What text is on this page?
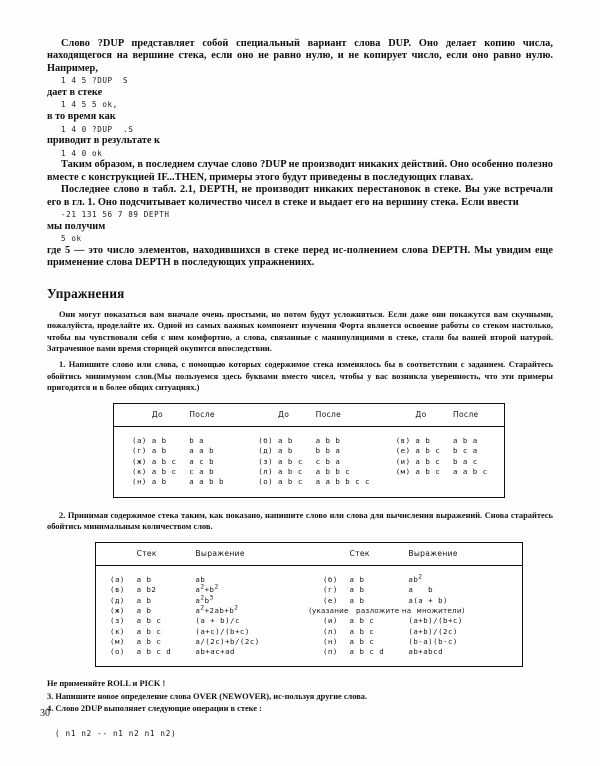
Слово ?DUP представляет собой специальный вариант слова DUP. Оно делает копию числа, находящегося на вершине стека, если оно не равно нулю, и не копирует число, если оно равно нулю. Например,

1 4 5 ?DUP  S

дает в стеке

1 4 5 5 ok,

в то время как

1 4 0 ?DUP  .S

приводит в результате к

1 4 0 ok

Таким образом, в последнем случае слово ?DUP не производит никаких действий. Оно особенно полезно вместе с конструкцией IF...THEN, примеры этого будут приведены в последующих главах.

Последнее слово в табл. 2.1, DEPTH, не производит никаких перестановок в стеке. Вы уже встречали его в гл. 1. Оно подсчитывает количество чисел в стеке и выдает его на вершину стека. Если ввести

-21 131 56 7 89 DEPTH

мы получим

5 ok

где 5 — это число элементов, находившихся в стеке перед ис-полнением слова DEPTH. Мы увидим еще применение слова DEPTH в последующих упражнениях.

Упражнения

Они могут показаться вам вначале очень простыми, но потом будут усложняться. Если даже они покажутся вам скучными, пожалуйста, проделайте их. Одной из самых важных компонент изучения Форта является освоение работы со стеком настолько, чтобы вы чувствовали себя с ним комфортно, а слова, связанные с манипуляциями в стеке, стали бы вашей второй натурой. Затраченное вами время сторицей окупится впоследствии.

1. Напишите слово или слова, с помощью которых содержимое стека изменялось бы в соответствии с заданием. Старайтесь обойтись минимумом слов.(Мы пользуемся здесь буквами вместо чисел, чтобы у вас возникла уверенность, что эти примеры пригодятся и в более общих ситуациях.)

	До	После		До	После		До	После
(а)	a b	b a	(б)	a b	a b b	(в)	a b	a b a
(г)	a b	a a b	(д)	a b	b b a	(е)	a b c	b c a
(ж)	a b c	a c b	(з)	a b c	c b a	(и)	a b c	b a c
(к)	a b c	c a b	(л)	a b c	a b b c	(м)	a b c	a a b c
(н)	a b	a a b b	(о)	a b c	a a b b c c			

2. Принимая содержимое стека таким, как показано, напишите слово или слова для вычисления выражений. Снова старайтесь обойтись минимальным количеством слов.

	Стек	Выражение		Стек	Выражение
(а)	a b	ab	(б)	a b	$ab^2$
(в)	a b2	$a^2+b^2$	(г)	a b	a   b
(д)	a b	$a^2b^3$	(е)	a b	a(a + b)
(ж)	a b	$a^2+2ab+b^2$	(указание   разложите на  множители)		
(з)	a b c	(a + b)/c	(и)	a b c	(a+b)/(b+c)
(к)	a b c	(a+c)/(b+c)	(л)	a b c	(a+b)/(2c)
(м)	a b c	a/(2c)+b/(2c)	(н)	a b c	(b-a)(b-c)
(о)	a b c d	ab+ac+ad	(п)	a b c d	ab+abcd

Не применяйте ROLL и PICK !

3. Напишите новое определение слова OVER (NEWOVER), ис-пользуя другие слова.

4. Слово 2DUP выполняет следующие операции в стеке :

( n1 n2 -- n1 n2 n1 n2)
30
